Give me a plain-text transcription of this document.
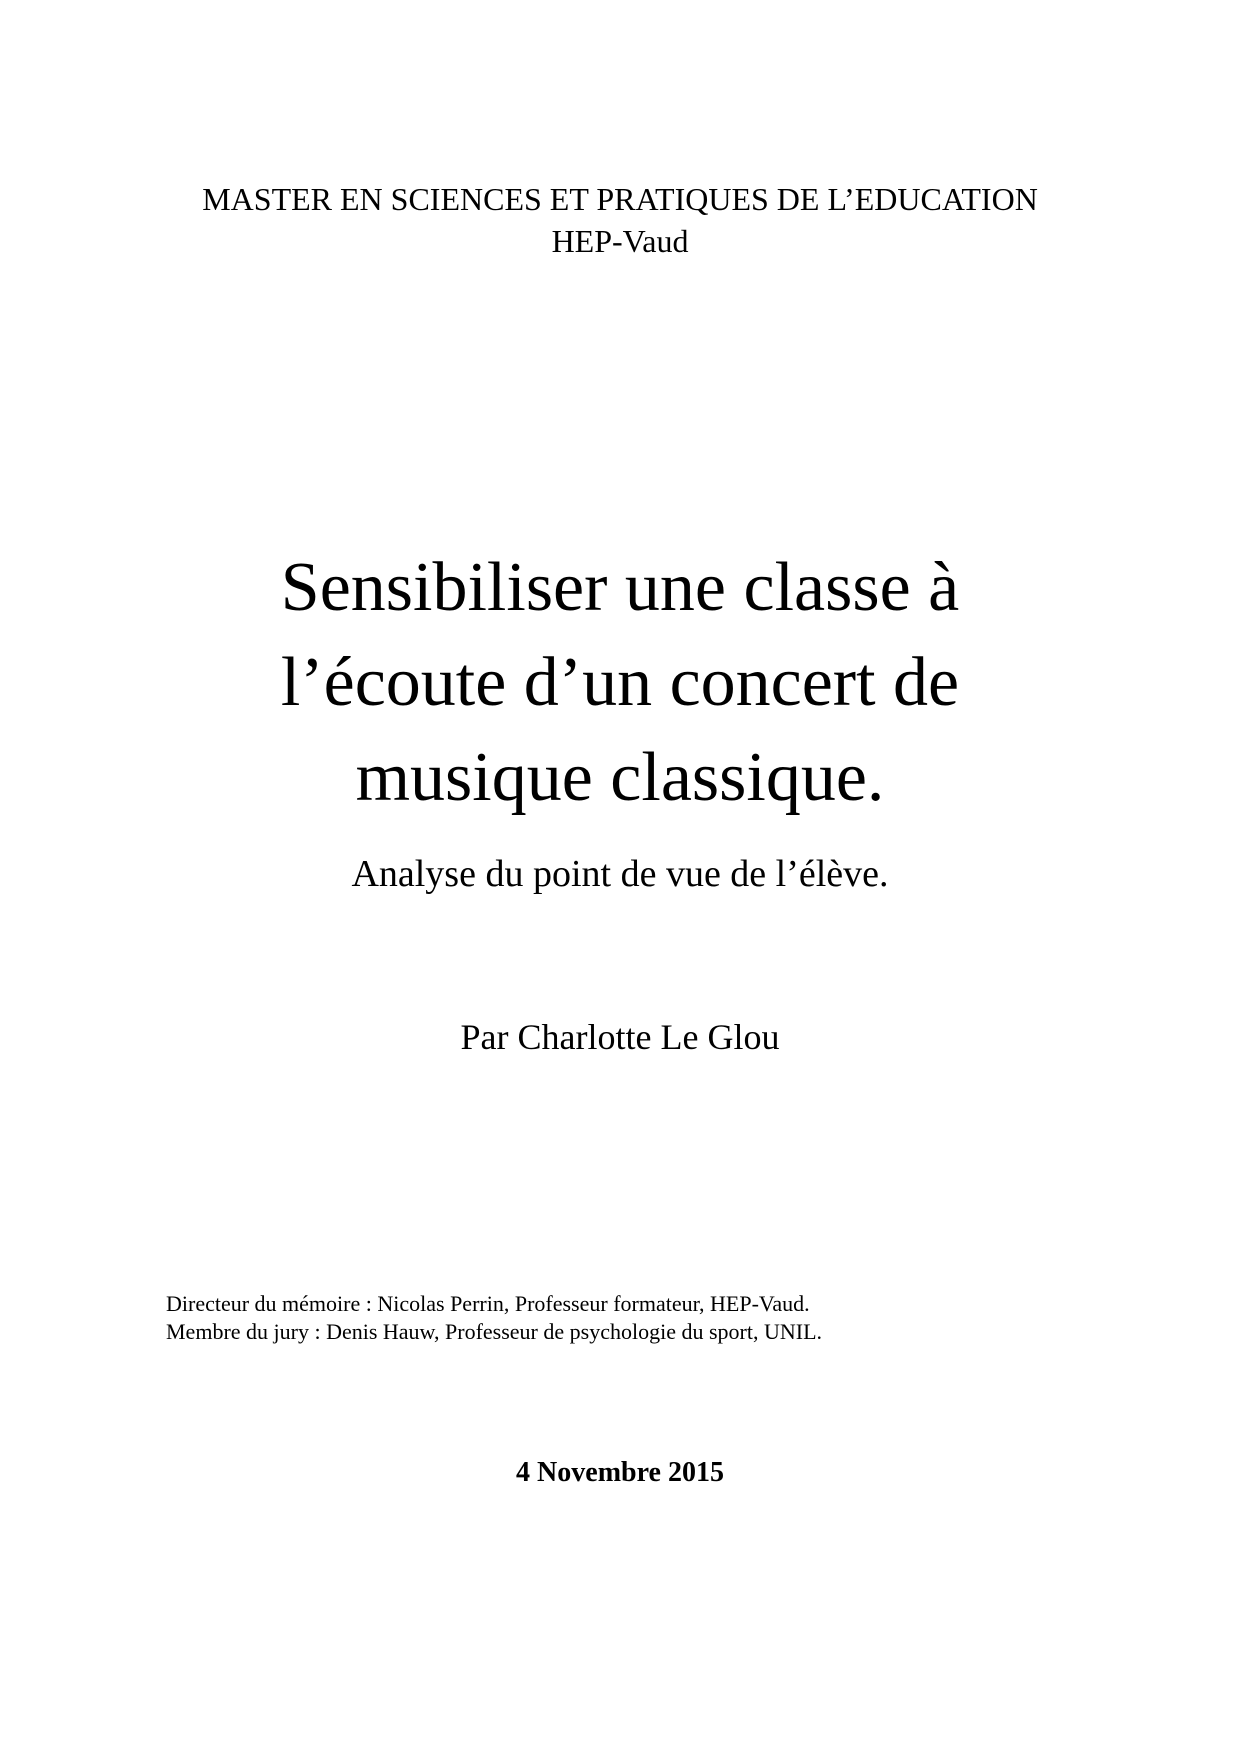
MASTER EN SCIENCES ET PRATIQUES DE L’EDUCATION
HEP-Vaud
Sensibiliser une classe à
l’écoute d’un concert de
musique classique.
Analyse du point de vue de l’élève.
Par Charlotte Le Glou
Directeur du mémoire : Nicolas Perrin, Professeur formateur, HEP-Vaud.
Membre du jury : Denis Hauw, Professeur de psychologie du sport, UNIL.
4 Novembre 2015
